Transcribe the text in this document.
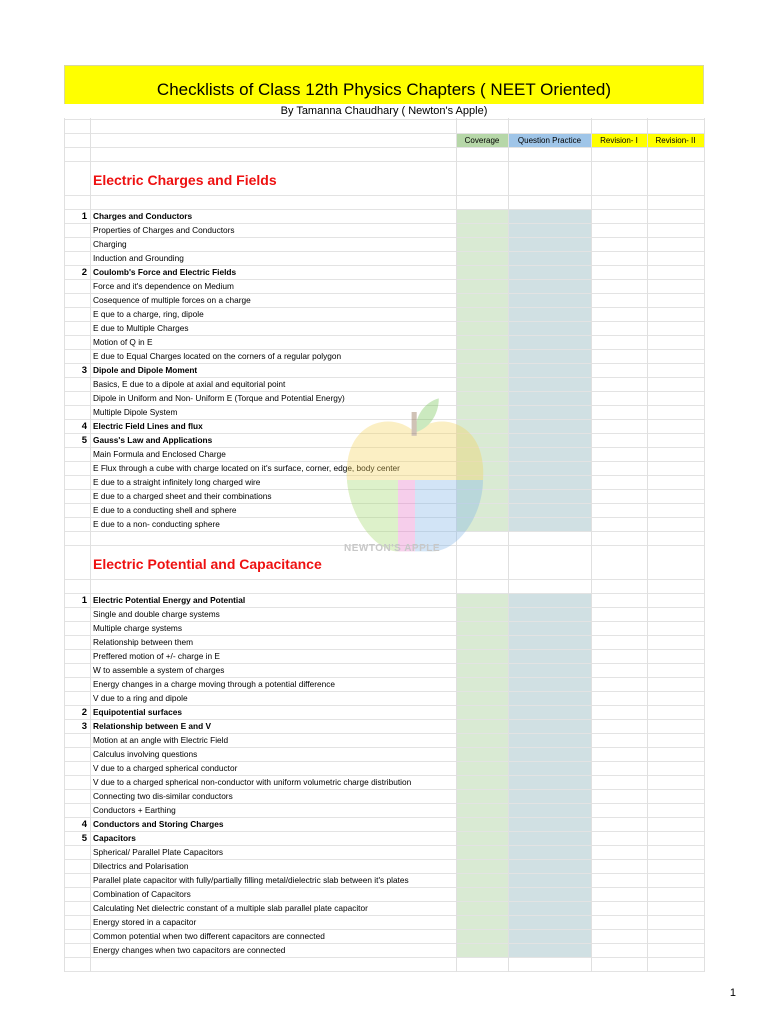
Checklists of Class 12th Physics Chapters ( NEET Oriented)
By Tamanna Chaudhary ( Newton's Apple)
Coverage	Question Practice	Revision- I	Revision- II
Electric Charges and Fields
1 Charges and Conductors
Properties of Charges and Conductors
Charging
Induction and Grounding
2 Coulomb's Force and Electric Fields
Force and it's dependence on Medium
Cosequence of multiple forces on a charge
E que to a charge, ring, dipole
E due to Multiple Charges
Motion of Q in E
E due to Equal Charges located on the corners of a regular polygon
3 Dipole and Dipole Moment
Basics, E due to a dipole at axial and equitorial point
Dipole in Uniform and Non- Uniform E (Torque and Potential Energy)
Multiple Dipole System
4 Electric Field Lines and flux
5 Gauss's Law and Applications
Main Formula and Enclosed Charge
E Flux through a cube with charge located on it's surface, corner, edge, body center
E due to a straight infinitely long charged wire
E due to a charged sheet and their combinations
E due to a conducting shell and sphere
E due to a non- conducting sphere
Electric Potential and Capacitance
1 Electric Potential Energy and Potential
Single and double charge systems
Multiple charge systems
Relationship between them
Preffered motion of +/- charge in E
W to assemble a system of charges
Energy changes in a charge moving through a potential difference
V due to a ring and dipole
2 Equipotential surfaces
3 Relationship between E and V
Motion at an angle with Electric Field
Calculus involving questions
V due to a charged spherical conductor
V due to a charged spherical non-conductor with uniform volumetric charge distribution
Connecting two dis-similar conductors
Conductors + Earthing
4 Conductors and Storing Charges
5 Capacitors
Spherical/ Parallel Plate Capacitors
Dilectrics and Polarisation
Parallel plate capacitor with fully/partially filling metal/dielectric slab between it's plates
Combination of Capacitors
Calculating Net dielectric constant of a multiple slab parallel plate capacitor
Energy stored in a capacitor
Common potential when two different capacitors are connected
Energy changes when two capacitors are connected
NEWTON'S APPLE
1
